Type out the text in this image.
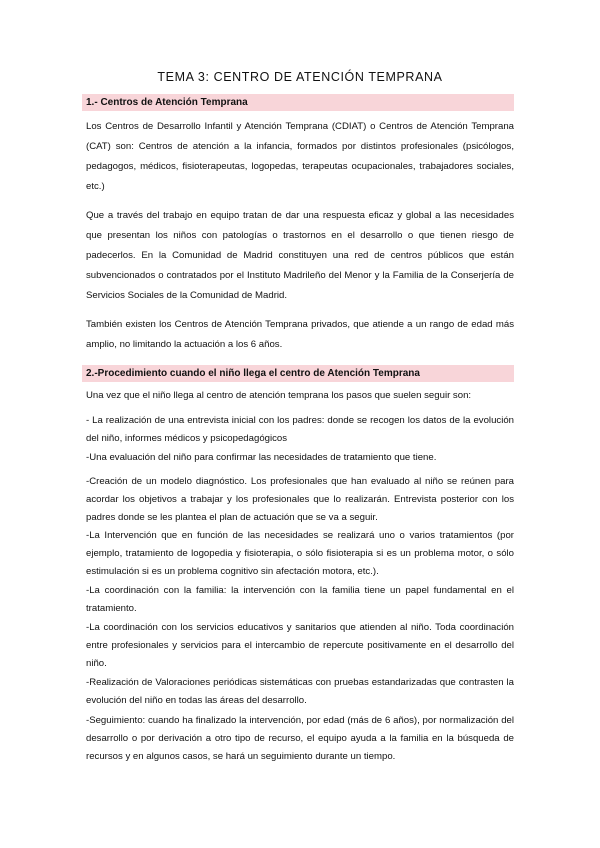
TEMA 3: CENTRO DE ATENCIÓN TEMPRANA
1.- Centros de Atención Temprana

Los Centros de Desarrollo Infantil y Atención Temprana (CDIAT) o Centros de Atención Temprana (CAT) son: Centros de atención a la infancia, formados por distintos profesionales (psicólogos, pedagogos, médicos, fisioterapeutas, logopedas, terapeutas ocupacionales, trabajadores sociales, etc.)

Que a través del trabajo en equipo tratan de dar una respuesta eficaz y global a las necesidades que presentan los niños con patologías o trastornos en el desarrollo o que tienen riesgo de padecerlos. En la Comunidad de Madrid constituyen una red de centros públicos que están subvencionados o contratados por el Instituto Madrileño del Menor y la Familia de la Conserjería de Servicios Sociales de la Comunidad de Madrid.

También existen los Centros de Atención Temprana privados, que atiende a un rango de edad más amplio, no limitando la actuación a los 6 años.

2.-Procedimiento cuando el niño llega el centro de Atención Temprana

Una vez que el niño llega al centro de atención temprana los pasos que suelen seguir son:

- La realización de una entrevista inicial con los padres: donde se recogen los datos de la evolución del niño, informes médicos y psicopedagógicos

-Una evaluación del niño para confirmar las necesidades de tratamiento que tiene.

-Creación de un modelo diagnóstico. Los profesionales que han evaluado al niño se reúnen para acordar los objetivos a trabajar y los profesionales que lo realizarán. Entrevista posterior con los padres donde se les plantea el plan de actuación que se va a seguir.

-La Intervención que en función de las necesidades se realizará uno o varios tratamientos (por ejemplo, tratamiento de logopedia y fisioterapia, o sólo fisioterapia si es un problema motor, o sólo estimulación si es un problema cognitivo sin afectación motora, etc.).

-La coordinación con la familia: la intervención con la familia tiene un papel fundamental en el tratamiento.

-La coordinación con los servicios educativos y sanitarios que atienden al niño. Toda coordinación entre profesionales y servicios para el intercambio de repercute positivamente en el desarrollo del niño.

-Realización de Valoraciones periódicas sistemáticas con pruebas estandarizadas que contrasten la evolución del niño en todas las áreas del desarrollo.

-Seguimiento: cuando ha finalizado la intervención, por edad (más de 6 años), por normalización del desarrollo o por derivación a otro tipo de recurso, el equipo ayuda a la familia en la búsqueda de recursos y en algunos casos, se hará un seguimiento durante un tiempo.
